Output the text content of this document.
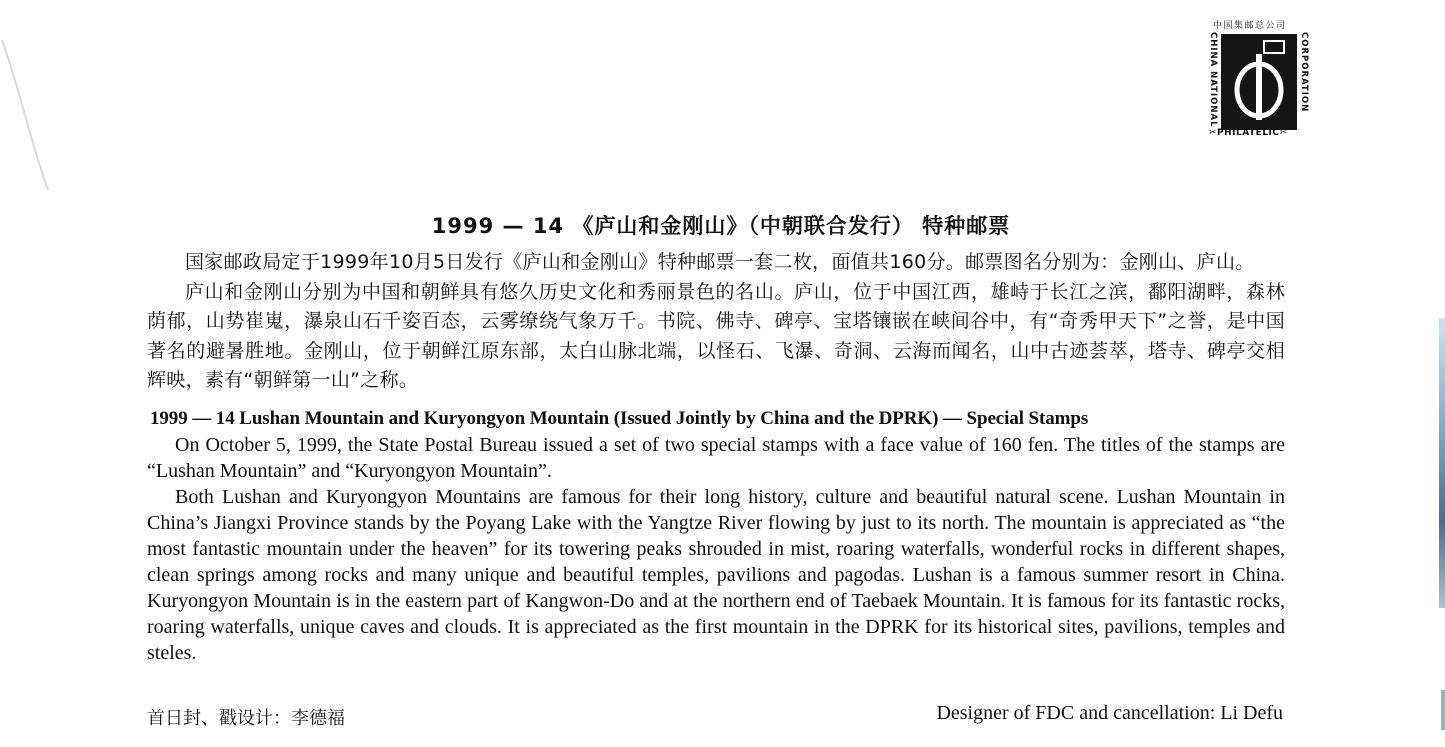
中国集邮总公司
CHINA NATIONAL	CORPORATION
✂PHILATELIC✂
1999 — 14 《庐山和金刚山》（中朝联合发行） 特种邮票

国家邮政局定于1999年10月5日发行《庐山和金刚山》特种邮票一套二枚，面值共160分。邮票图名分别为：金刚山、庐山。

庐山和金刚山分别为中国和朝鲜具有悠久历史文化和秀丽景色的名山。庐山，位于中国江西，雄峙于长江之滨，鄱阳湖畔，森林荫郁，山势崔嵬，瀑泉山石千姿百态，云雾缭绕气象万千。书院、佛寺、碑亭、宝塔镶嵌在峡间谷中，有“奇秀甲天下”之誉，是中国著名的避暑胜地。金刚山，位于朝鲜江原东部，太白山脉北端，以怪石、飞瀑、奇洞、云海而闻名，山中古迹荟萃，塔寺、碑亭交相辉映，素有“朝鲜第一山”之称。

1999 — 14 Lushan Mountain and Kuryongyon Mountain (Issued Jointly by China and the DPRK) — Special Stamps

On October 5, 1999, the State Postal Bureau issued a set of two special stamps with a face value of 160 fen. The titles of the stamps are “Lushan Mountain” and “Kuryongyon Mountain”.

Both Lushan and Kuryongyon Mountains are famous for their long history, culture and beautiful natural scene. Lushan Mountain in China’s Jiangxi Province stands by the Poyang Lake with the Yangtze River flowing by just to its north. The mountain is appreciated as “the most fantastic mountain under the heaven” for its towering peaks shrouded in mist, roaring waterfalls, wonderful rocks in different shapes, clean springs among rocks and many unique and beautiful temples, pavilions and pagodas. Lushan is a famous summer resort in China. Kuryongyon Mountain is in the eastern part of Kangwon-Do and at the northern end of Taebaek Mountain. It is famous for its fantastic rocks, roaring waterfalls, unique caves and clouds. It is appreciated as the first mountain in the DPRK for its historical sites, pavilions, temples and steles.

首日封、戳设计：李德福	Designer of FDC and cancellation: Li Defu
